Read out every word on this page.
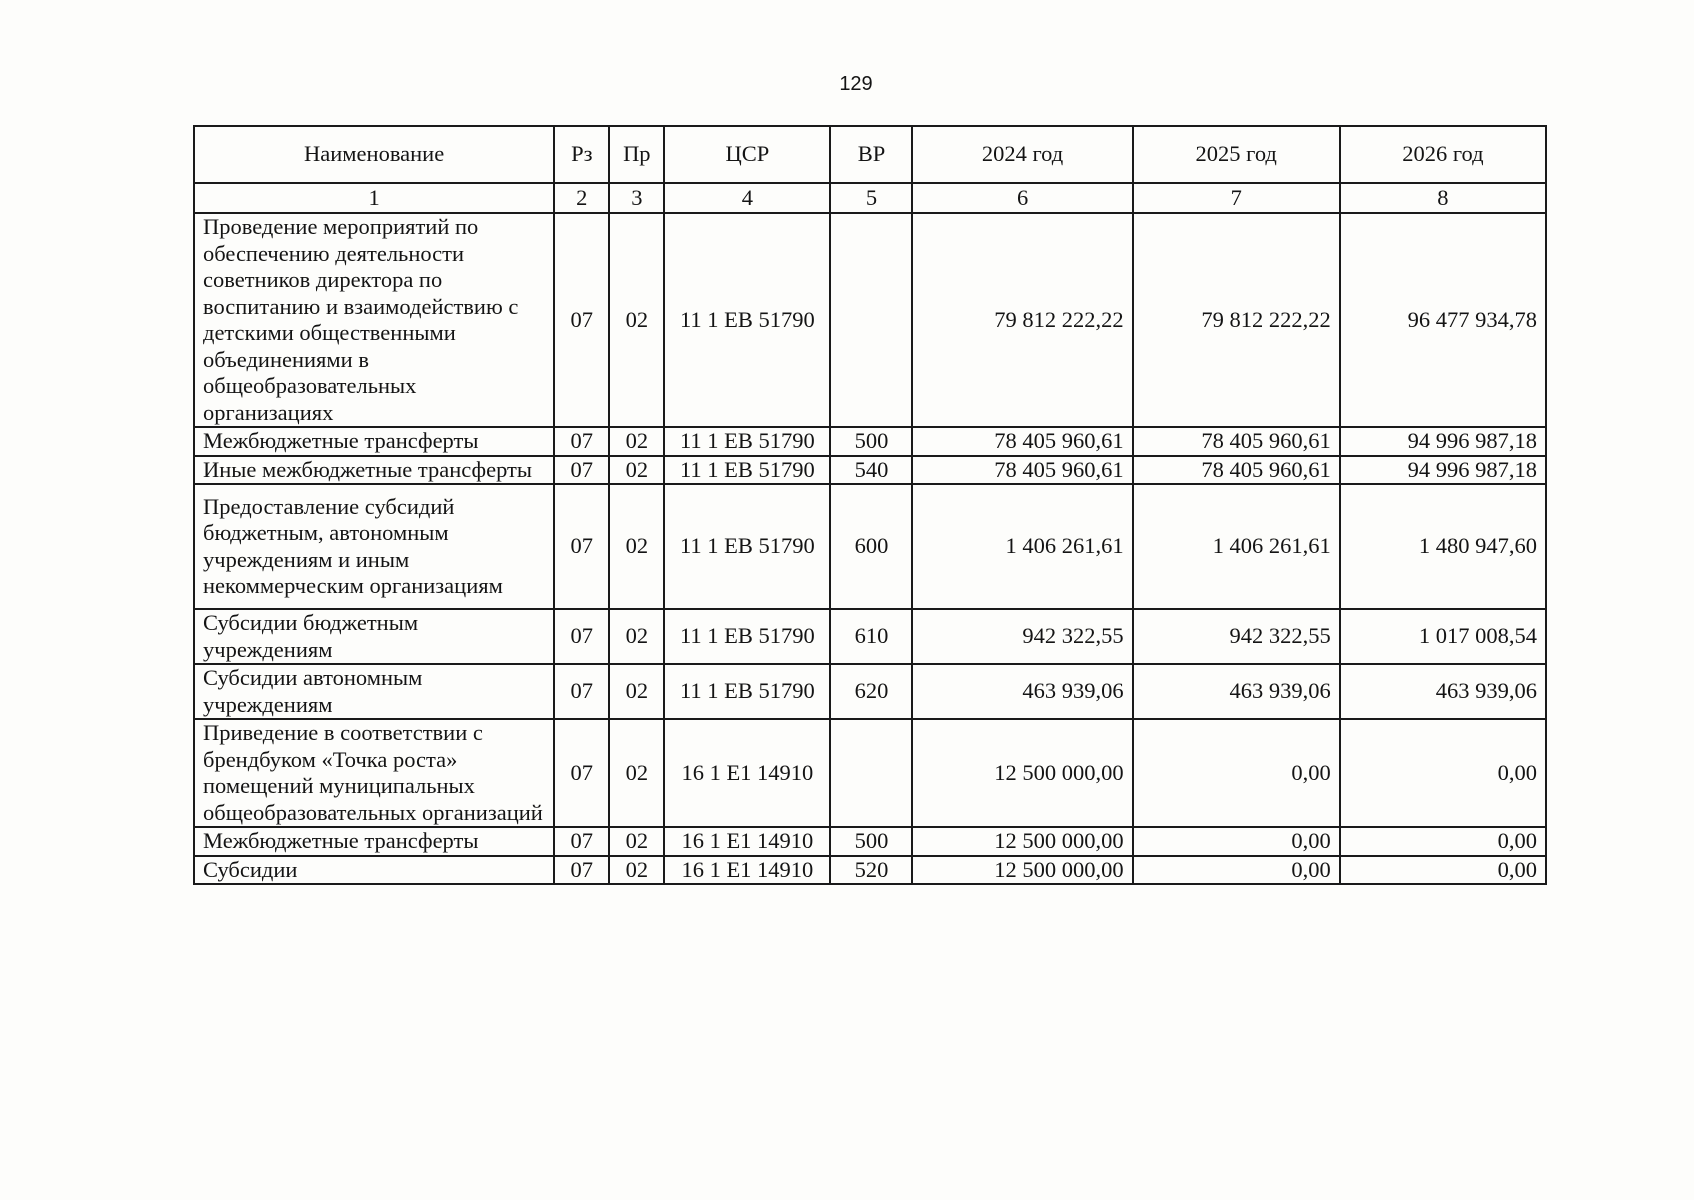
129
Наименование	Рз	Пр	ЦСР	ВР	2024 год	2025 год	2026 год
1	2	3	4	5	6	7	8
Проведение мероприятий по обеспечению деятельности советников директора по воспитанию и взаимодействию с детскими общественными объединениями в общеобразовательных организациях	07	02	11 1 ЕВ 51790		79 812 222,22	79 812 222,22	96 477 934,78
Межбюджетные трансферты	07	02	11 1 ЕВ 51790	500	78 405 960,61	78 405 960,61	94 996 987,18
Иные межбюджетные трансферты	07	02	11 1 ЕВ 51790	540	78 405 960,61	78 405 960,61	94 996 987,18
Предоставление субсидий бюджетным, автономным учреждениям и иным некоммерческим организациям	07	02	11 1 ЕВ 51790	600	1 406 261,61	1 406 261,61	1 480 947,60
Субсидии бюджетным учреждениям	07	02	11 1 ЕВ 51790	610	942 322,55	942 322,55	1 017 008,54
Субсидии автономным учреждениям	07	02	11 1 ЕВ 51790	620	463 939,06	463 939,06	463 939,06
Приведение в соответствии с брендбуком «Точка роста» помещений муниципальных общеобразовательных организаций	07	02	16 1 Е1 14910		12 500 000,00	0,00	0,00
Межбюджетные трансферты	07	02	16 1 Е1 14910	500	12 500 000,00	0,00	0,00
Субсидии	07	02	16 1 Е1 14910	520	12 500 000,00	0,00	0,00
